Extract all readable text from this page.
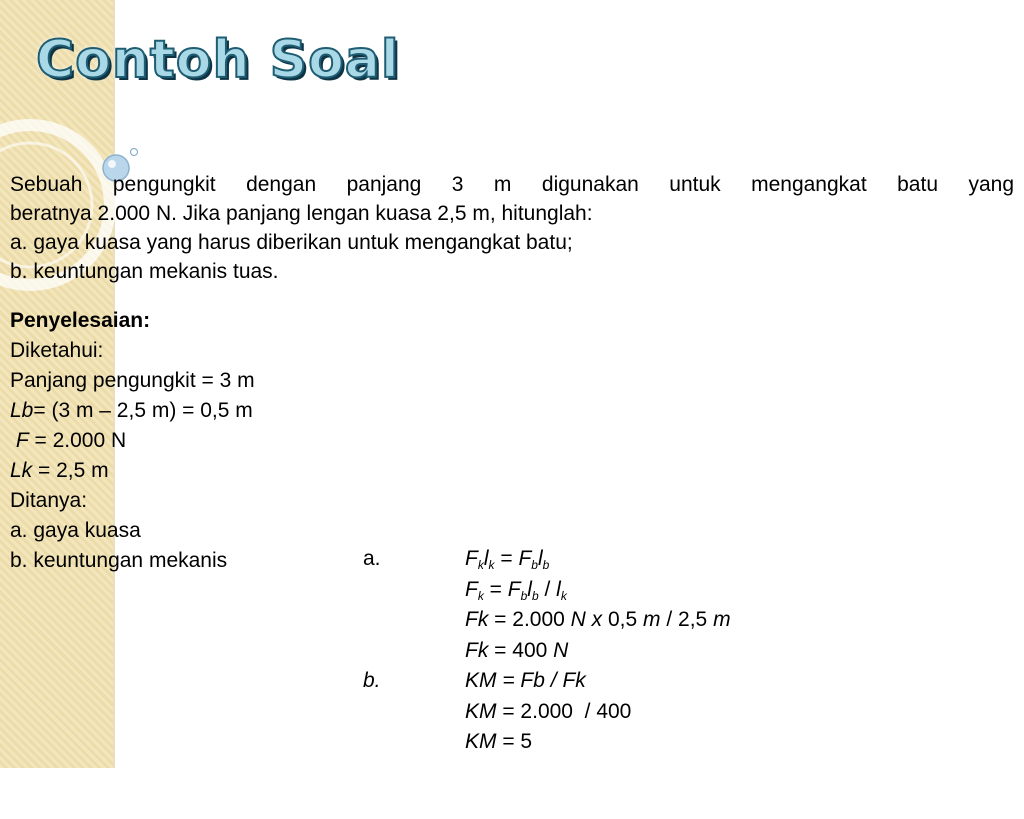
Contoh Soal

Sebuah pengungkit dengan panjang 3 m digunakan untuk mengangkat batu yang

beratnya 2.000 N. Jika panjang lengan kuasa 2,5 m, hitunglah:

a. gaya kuasa yang harus diberikan untuk mengangkat batu;

b. keuntungan mekanis tuas.

Penyelesaian:
Diketahui:
Panjang pengungkit = 3 m
Lb= (3 m – 2,5 m) = 0,5 m
F = 2.000 N
Lk = 2,5 m
Ditanya:
a. gaya kuasa
b. keuntungan mekanis

	a.

	$F_kl_k = F_bl_b$

$F_k = F_bl_b / l_k$

Fk = 2.000 N x 0,5 m / 2,5 m

Fk = 400 N

b.

	KM = Fb / Fk

KM = 2.000  / 400

KM = 5
